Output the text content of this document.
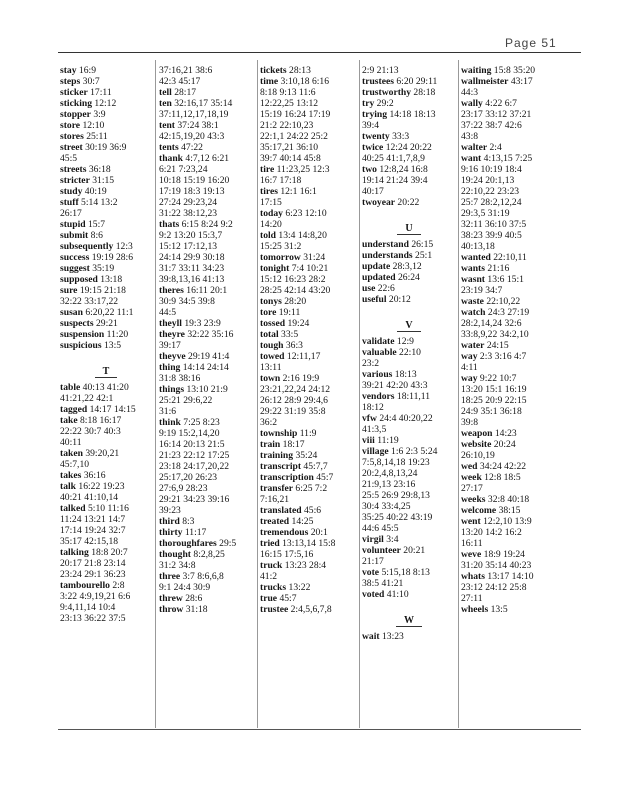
Page 51
stay 16:9
steps 30:7
sticker 17:11
sticking 12:12
stopper 3:9
store 12:10
stores 25:11
street 30:19 36:9
45:5
streets 36:18
stricter 31:15
study 40:19
stuff 5:14 13:2
26:17
stupid 15:7
submit 8:6
subsequently 12:3
success 19:19 28:6
suggest 35:19
supposed 13:18
sure 19:15 21:18
32:22 33:17,22
susan 6:20,22 11:1
suspects 29:21
suspension 11:20
suspicious 13:5
T
table 40:13 41:20
41:21,22 42:1
tagged 14:17 14:15
take 8:18 16:17
22:22 30:7 40:3
40:11
taken 39:20,21
45:7,10
takes 36:16
talk 16:22 19:23
40:21 41:10,14
talked 5:10 11:16
11:24 13:21 14:7
17:14 19:24 32:7
35:17 42:15,18
talking 18:8 20:7
20:17 21:8 23:14
23:24 29:1 36:23
tambourello 2:8
3:22 4:9,19,21 6:6
9:4,11,14 10:4
23:13 36:22 37:5
37:16,21 38:6
42:3 45:17
tell 28:17
ten 32:16,17 35:14
37:11,12,17,18,19
tent 37:24 38:1
42:15,19,20 43:3
tents 47:22
thank 4:7,12 6:21
6:21 7:23,24
10:18 15:19 16:20
17:19 18:3 19:13
27:24 29:23,24
31:22 38:12,23
thats 6:15 8:24 9:2
9:2 13:20 15:3,7
15:12 17:12,13
24:14 29:9 30:18
31:7 33:11 34:23
39:8,13,16 41:13
theres 16:11 20:1
30:9 34:5 39:8
44:5
theyll 19:3 23:9
theyre 32:22 35:16
39:17
theyve 29:19 41:4
thing 14:14 24:14
31:8 38:16
things 13:10 21:9
25:21 29:6,22
31:6
think 7:25 8:23
9:19 15:2,14,20
16:14 20:13 21:5
21:23 22:12 17:25
23:18 24:17,20,22
25:17,20 26:23
27:6,9 28:23
29:21 34:23 39:16
39:23
third 8:3
thirty 11:17
thoroughfares 29:5
thought 8:2,8,25
31:2 34:8
three 3:7 8:6,6,8
9:1 24:4 30:9
threw 28:6
throw 31:18
tickets 28:13
time 3:10,18 6:16
8:18 9:13 11:6
12:22,25 13:12
15:19 16:24 17:19
21:2 22:10,23
22:1,1 24:22 25:2
35:17,21 36:10
39:7 40:14 45:8
tire 11:23,25 12:3
16:7 17:18
tires 12:1 16:1
17:15
today 6:23 12:10
14:20
told 13:4 14:8,20
15:25 31:2
tomorrow 31:24
tonight 7:4 10:21
15:12 16:23 28:2
28:25 42:14 43:20
tonys 28:20
tore 19:11
tossed 19:24
total 33:5
tough 36:3
towed 12:11,17
13:11
town 2:16 19:9
23:21,22,24 24:12
26:12 28:9 29:4,6
29:22 31:19 35:8
36:2
township 11:9
train 18:17
training 35:24
transcript 45:7,7
transcription 45:7
transfer 6:25 7:2
7:16,21
translated 45:6
treated 14:25
tremendous 20:1
tried 13:13,14 15:8
16:15 17:5,16
truck 13:23 28:4
41:2
trucks 13:22
true 45:7
trustee 2:4,5,6,7,8
2:9 21:13
trustees 6:20 29:11
trustworthy 28:18
try 29:2
trying 14:18 18:13
39:4
twenty 33:3
twice 12:24 20:22
40:25 41:1,7,8,9
two 12:8,24 16:8
19:14 21:24 39:4
40:17
twoyear 20:22
U
understand 26:15
understands 25:1
update 28:3,12
updated 26:24
use 22:6
useful 20:12
V
validate 12:9
valuable 22:10
23:2
various 18:13
39:21 42:20 43:3
vendors 18:11,11
18:12
vfw 24:4 40:20,22
41:3,5
viii 11:19
village 1:6 2:3 5:24
7:5,8,14,18 19:23
20:2,4,8,13,24
21:9,13 23:16
25:5 26:9 29:8,13
30:4 33:4,25
35:25 40:22 43:19
44:6 45:5
virgil 3:4
volunteer 20:21
21:17
vote 5:15,18 8:13
38:5 41:21
voted 41:10
W
wait 13:23
waiting 15:8 35:20
wallmeister 43:17
44:3
wally 4:22 6:7
23:17 33:12 37:21
37:22 38:7 42:6
43:8
walter 2:4
want 4:13,15 7:25
9:16 10:19 18:4
19:24 20:1,13
22:10,22 23:23
25:7 28:2,12,24
29:3,5 31:19
32:11 36:10 37:5
38:23 39:9 40:5
40:13,18
wanted 22:10,11
wants 21:16
wasnt 13:6 15:1
23:19 34:7
waste 22:10,22
watch 24:3 27:19
28:2,14,24 32:6
33:8,9,22 34:2,10
water 24:15
way 2:3 3:16 4:7
4:11
way 9:22 10:7
13:20 15:1 16:19
18:25 20:9 22:15
24:9 35:1 36:18
39:8
weapon 14:23
website 20:24
26:10,19
wed 34:24 42:22
week 12:8 18:5
27:17
weeks 32:8 40:18
welcome 38:15
went 12:2,10 13:9
13:20 14:2 16:2
16:11
weve 18:9 19:24
31:20 35:14 40:23
whats 13:17 14:10
23:12 24:12 25:8
27:11
wheels 13:5
